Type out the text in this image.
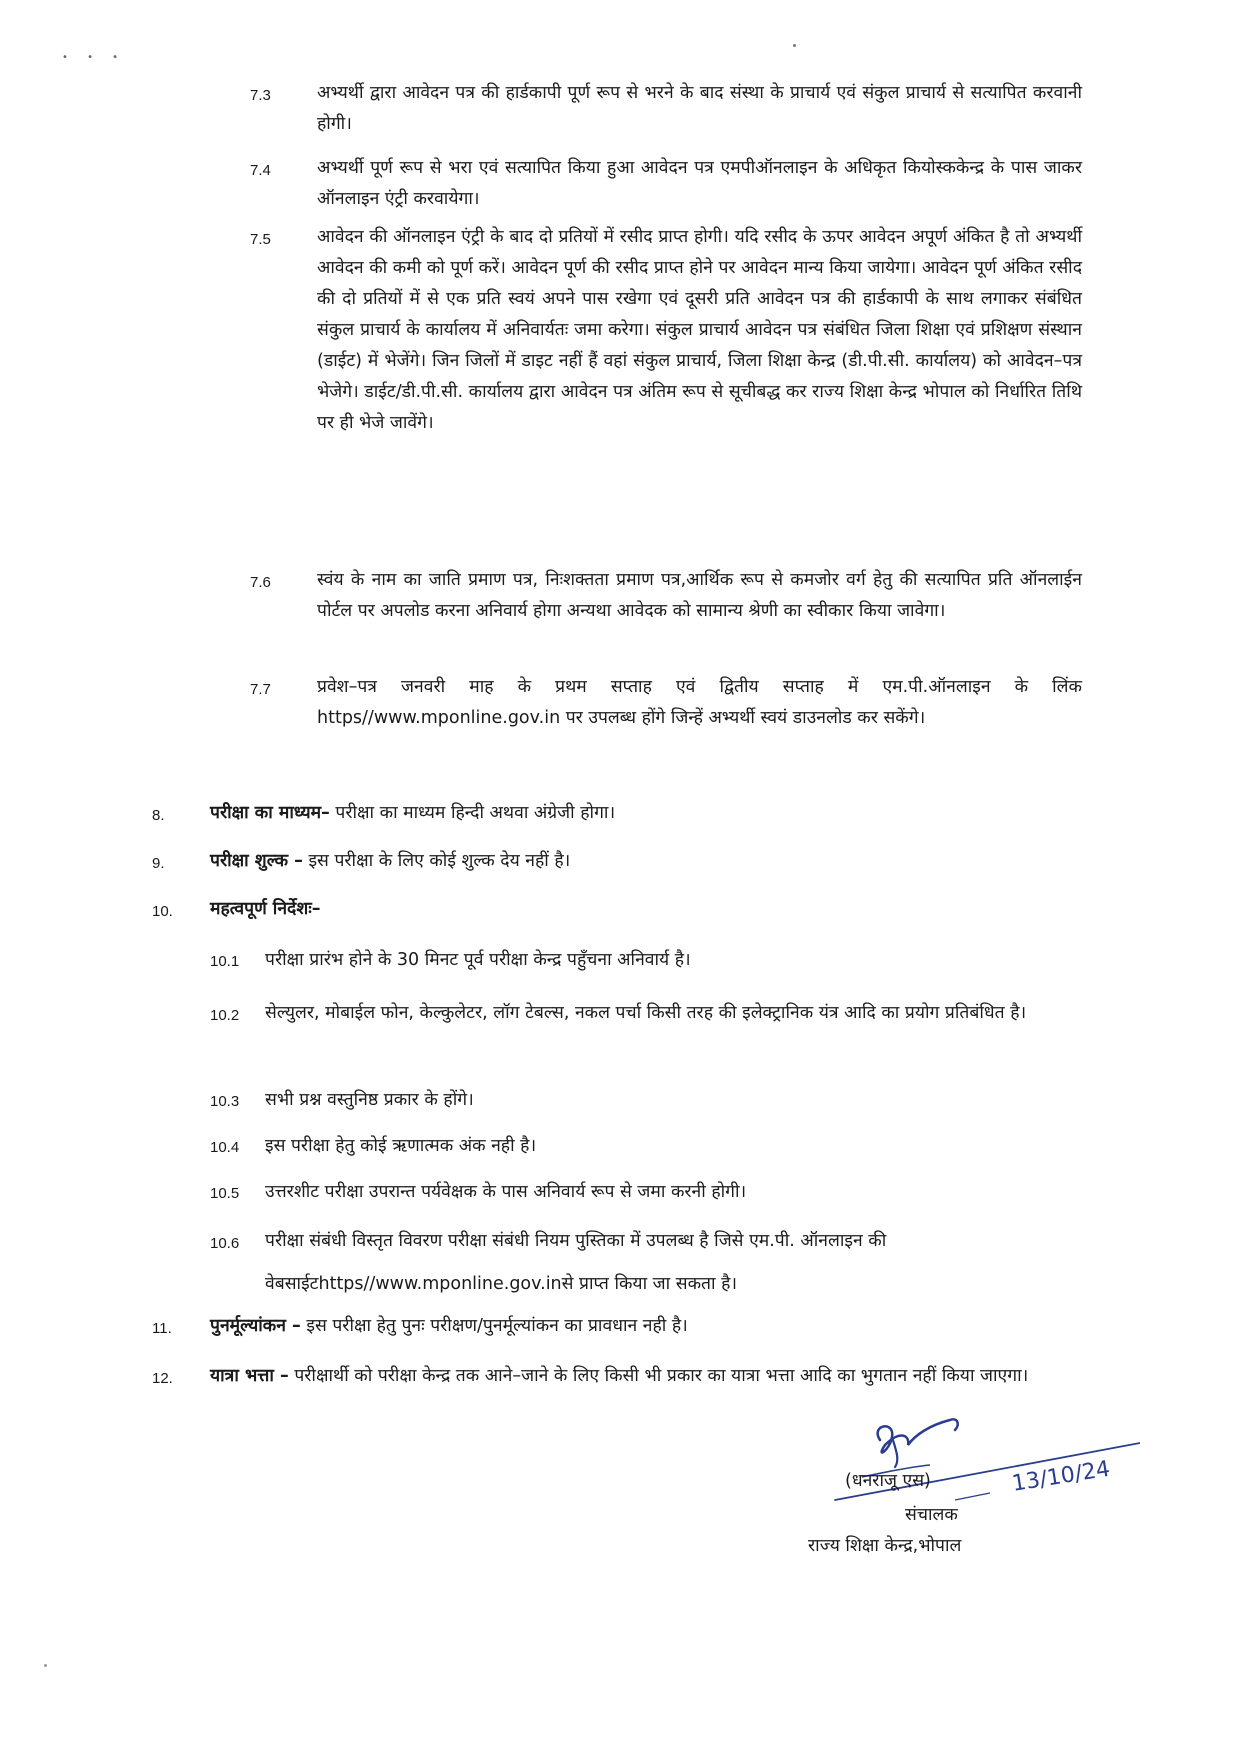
• • •
7.3	अभ्यर्थी द्वारा आवेदन पत्र की हार्डकापी पूर्ण रूप से भरने के बाद संस्था के प्राचार्य एवं संकुल प्राचार्य से सत्यापित करवानी होगी।
7.4	अभ्यर्थी पूर्ण रूप से भरा एवं सत्यापित किया हुआ आवेदन पत्र एमपीऑनलाइन के अधिकृत कियोस्ककेन्द्र के पास जाकर ऑनलाइन एंट्री करवायेगा।
7.5	आवेदन की ऑनलाइन एंट्री के बाद दो प्रतियों में रसीद प्राप्त होगी। यदि रसीद के ऊपर आवेदन अपूर्ण अंकित है तो अभ्यर्थी आवेदन की कमी को पूर्ण करें। आवेदन पूर्ण की रसीद प्राप्त होने पर आवेदन मान्य किया जायेगा। आवेदन पूर्ण अंकित रसीद की दो प्रतियों में से एक प्रति स्वयं अपने पास रखेगा एवं दूसरी प्रति आवेदन पत्र की हार्डकापी के साथ लगाकर संबंधित संकुल प्राचार्य के कार्यालय में अनिवार्यतः जमा करेगा। संकुल प्राचार्य आवेदन पत्र संबंधित जिला शिक्षा एवं प्रशिक्षण संस्थान (डाईट) में भेजेंगे। जिन जिलों में डाइट नहीं हैं वहां संकुल प्राचार्य, जिला शिक्षा केन्द्र (डी.पी.सी. कार्यालय) को आवेदन–पत्र भेजेगे। डाईट/डी.पी.सी. कार्यालय द्वारा आवेदन पत्र अंतिम रूप से सूचीबद्ध कर राज्य शिक्षा केन्द्र भोपाल को निर्धारित तिथि पर ही भेजे जावेंगे।
7.6	स्वंय के नाम का जाति प्रमाण पत्र, निःशक्तता प्रमाण पत्र,आर्थिक रूप से कमजोर वर्ग हेतु की सत्यापित प्रति ऑनलाईन पोर्टल पर अपलोड करना अनिवार्य होगा अन्यथा आवेदक को सामान्य श्रेणी का स्वीकार किया जावेगा।
7.7	प्रवेश–पत्र जनवरी माह के प्रथम सप्ताह एवं द्वितीय सप्ताह में एम.पी.ऑनलाइन के लिंक https//www.mponline.gov.in पर उपलब्ध होंगे जिन्हें अभ्यर्थी स्वयं डाउनलोड कर सकेंगे।
8.	परीक्षा का माध्यम– परीक्षा का माध्यम हिन्दी अथवा अंग्रेजी होगा।
9.	परीक्षा शुल्क – इस परीक्षा के लिए कोई शुल्क देय नहीं है।
10.	महत्वपूर्ण निर्देशः–
10.1	परीक्षा प्रारंभ होने के 30 मिनट पूर्व परीक्षा केन्द्र पहुँचना अनिवार्य है।
10.2	सेल्युलर, मोबाईल फोन, केल्कुलेटर, लॉग टेबल्स, नकल पर्चा किसी तरह की इलेक्ट्रानिक यंत्र आदि का प्रयोग प्रतिबंधित है।
10.3	सभी प्रश्न वस्तुनिष्ठ प्रकार के होंगे।
10.4	इस परीक्षा हेतु कोई ऋणात्मक अंक नही है।
10.5	उत्तरशीट परीक्षा उपरान्त पर्यवेक्षक के पास अनिवार्य रूप से जमा करनी होगी।
10.6	परीक्षा संबंधी विस्तृत विवरण परीक्षा संबंधी नियम पुस्तिका में उपलब्ध है जिसे एम.पी. ऑनलाइन की वेबसाईटhttps//www.mponline.gov.inसे प्राप्त किया जा सकता है।
11.	पुनर्मूल्यांकन – इस परीक्षा हेतु पुनः परीक्षण/पुनर्मूल्यांकन का प्रावधान नही है।
12.	यात्रा भत्ता – परीक्षार्थी को परीक्षा केन्द्र तक आने–जाने के लिए किसी भी प्रकार का यात्रा भत्ता आदि का भुगतान नहीं किया जाएगा।
13/10/24
(धनराजू एस)
संचालक
राज्य शिक्षा केन्द्र,भोपाल
